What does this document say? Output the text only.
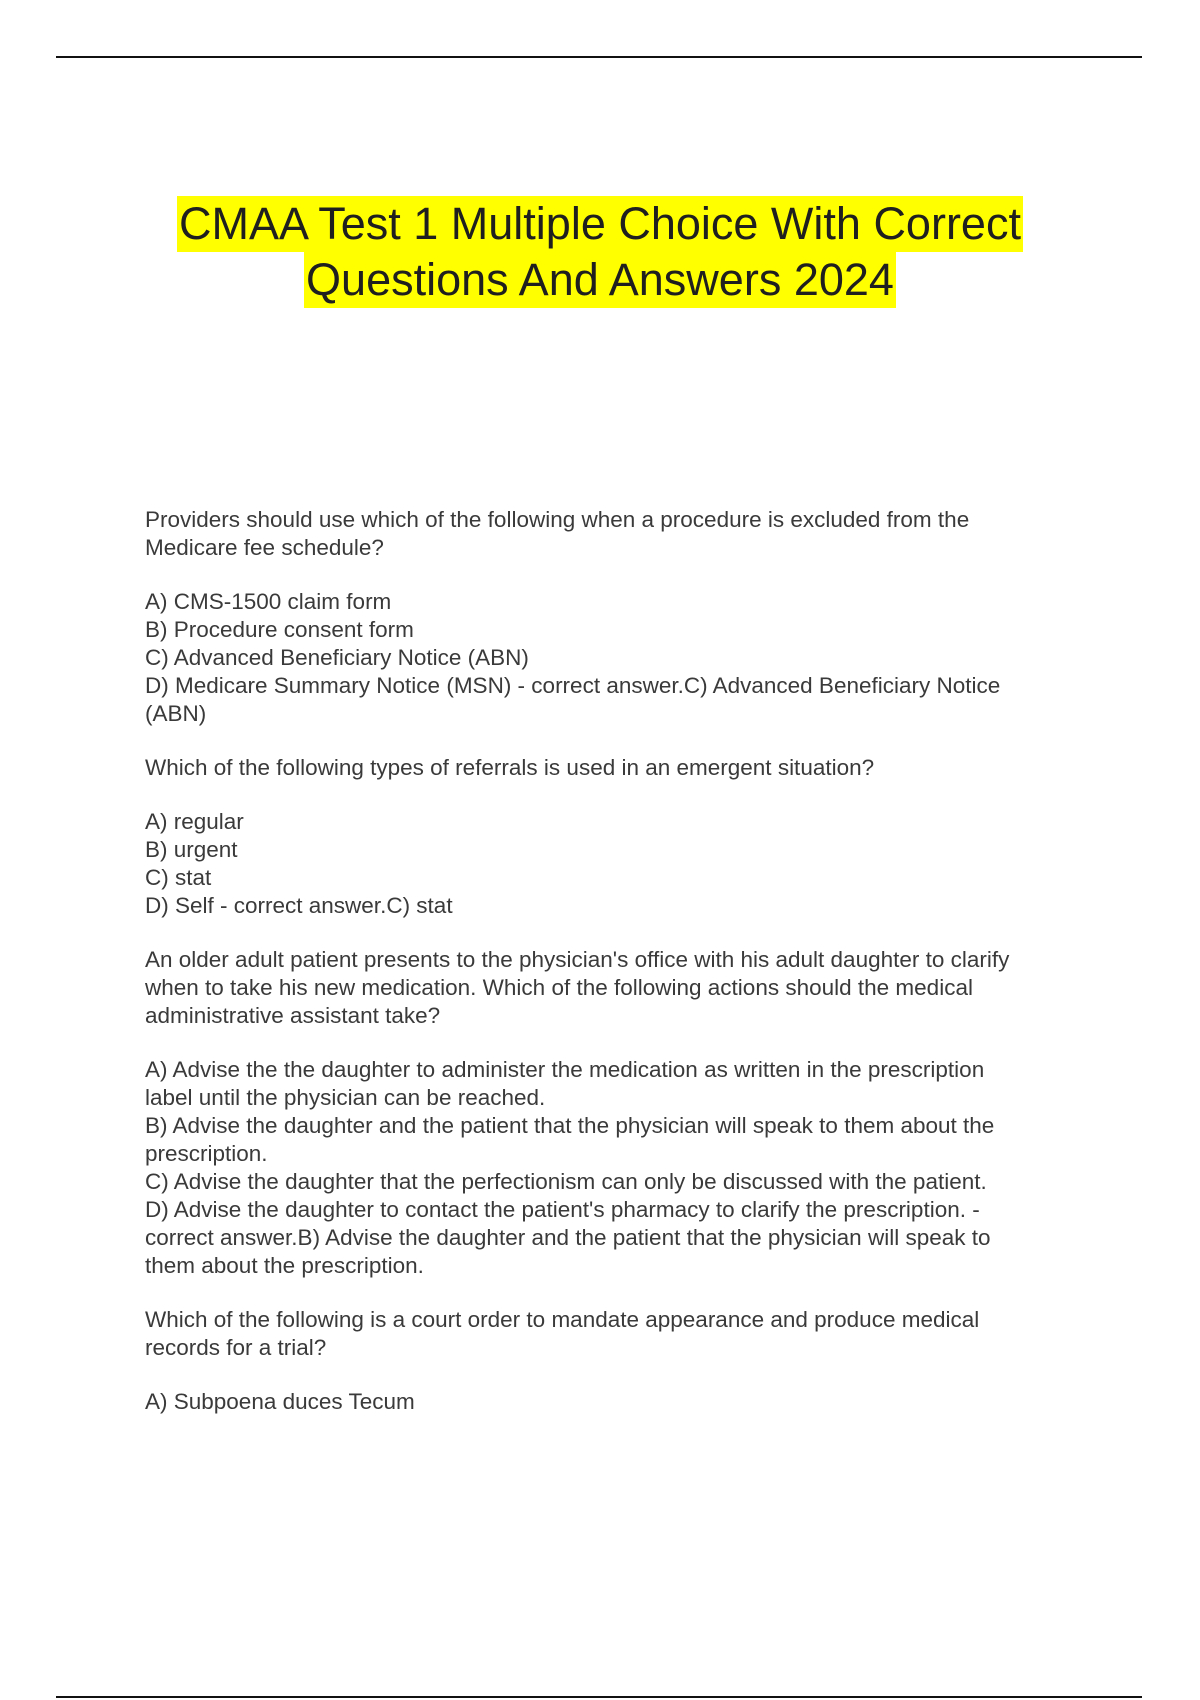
CMAA Test 1 Multiple Choice With Correct
Questions And Answers 2024
Providers should use which of the following when a procedure is excluded from the
Medicare fee schedule?
A) CMS-1500 claim form
B) Procedure consent form
C) Advanced Beneficiary Notice (ABN)
D) Medicare Summary Notice (MSN) - correct answer.C) Advanced Beneficiary Notice
(ABN)
Which of the following types of referrals is used in an emergent situation?
A) regular
B) urgent
C) stat
D) Self - correct answer.C) stat
An older adult patient presents to the physician's office with his adult daughter to clarify
when to take his new medication. Which of the following actions should the medical
administrative assistant take?
A) Advise the the daughter to administer the medication as written in the prescription
label until the physician can be reached.
B) Advise the daughter and the patient that the physician will speak to them about the
prescription.
C) Advise the daughter that the perfectionism can only be discussed with the patient.
D) Advise the daughter to contact the patient's pharmacy to clarify the prescription. -
correct answer.B) Advise the daughter and the patient that the physician will speak to
them about the prescription.
Which of the following is a court order to mandate appearance and produce medical
records for a trial?
A) Subpoena duces Tecum
